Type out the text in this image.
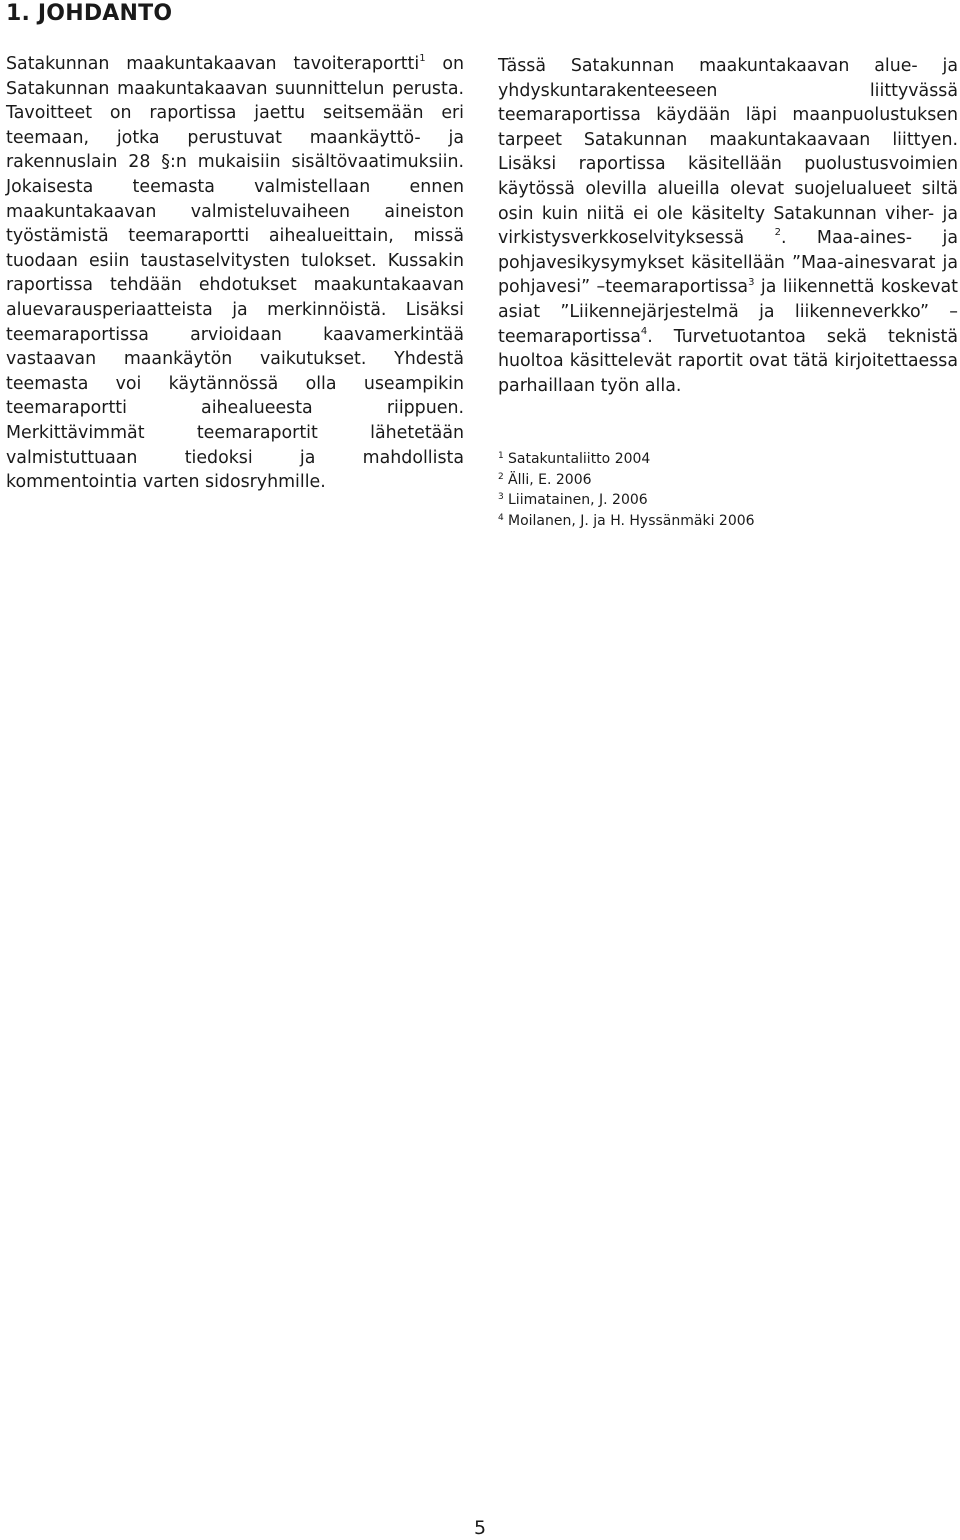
1. JOHDANTO

Satakunnan maakuntakaavan tavoiteraportti$^1$ on Satakunnan maakuntakaavan suunnittelun perusta. Tavoitteet on raportissa jaettu seitsemään eri teemaan, jotka perustuvat maankäyttö- ja rakennuslain 28 §:n mukaisiin sisältövaatimuksiin. Jokaisesta teemasta valmistellaan ennen maakuntakaavan valmisteluvaiheen aineiston työstämistä teemaraportti aihealueittain, missä tuodaan esiin taustaselvitysten tulokset. Kussakin raportissa tehdään ehdotukset maakuntakaavan aluevarausperiaatteista ja merkinnöistä. Lisäksi teemaraportissa arvioidaan kaavamerkintää vastaavan maankäytön vaikutukset. Yhdestä teemasta voi käytännössä olla useampikin teemaraportti aihealueesta riippuen. Merkittävimmät teemaraportit lähetetään valmistuttuaan tiedoksi ja mahdollista kommentointia varten sidosryhmille.

Tässä Satakunnan maakuntakaavan alue- ja yhdyskuntarakenteeseen liittyvässä teemaraportissa käydään läpi maanpuolustuksen tarpeet Satakunnan maakuntakaavaan liittyen. Lisäksi raportissa käsitellään puolustusvoimien käytössä olevilla alueilla olevat suojelualueet siltä osin kuin niitä ei ole käsitelty Satakunnan viher- ja virkistysverkkoselvityksessä $^2$. Maa-aines- ja pohjavesikysymykset käsitellään ”Maa-ainesvarat ja pohjavesi” –teemaraportissa$^3$ ja liikennettä koskevat asiat ”Liikennejärjestelmä ja liikenneverkko” –teemaraportissa$^4$. Turvetuotantoa sekä teknistä huoltoa käsittelevät raportit ovat tätä kirjoitettaessa parhaillaan työn alla.

1 Satakuntaliitto 2004
2 Älli, E. 2006
3 Liimatainen, J. 2006
4 Moilanen, J. ja H. Hyssänmäki 2006
5
